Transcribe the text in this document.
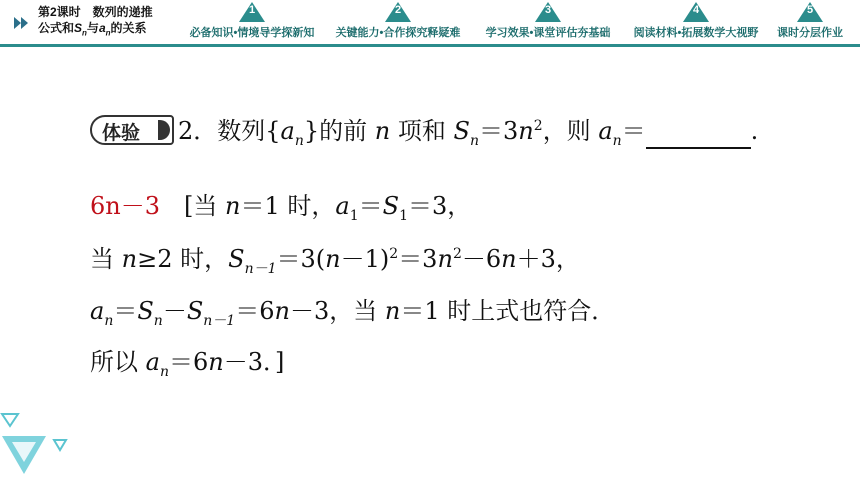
第2课时　数列的递推
公式和$S_n$与$a_n$的关系
1
必备知识•情境导学探新知
2
关键能力•合作探究释疑难
3
学习效果•课堂评估夯基础
4
阅读材料•拓展数学大视野
5
课时分层作业
体验 2．数列$\{a_n\}$的前 n 项和 $S_n=3n^2$，则 $a_n=$	.
6n－3　 [当 n＝1 时，$a_1=S_1=3$，
当 n≥2 时，$S_{n-1}=3(n-1)^2=3n^2-6n+3$，
$a_n=S_n-S_{n-1}=6n-3$，当 n＝1 时上式也符合．
所以 $a_n=6n-3$．]
